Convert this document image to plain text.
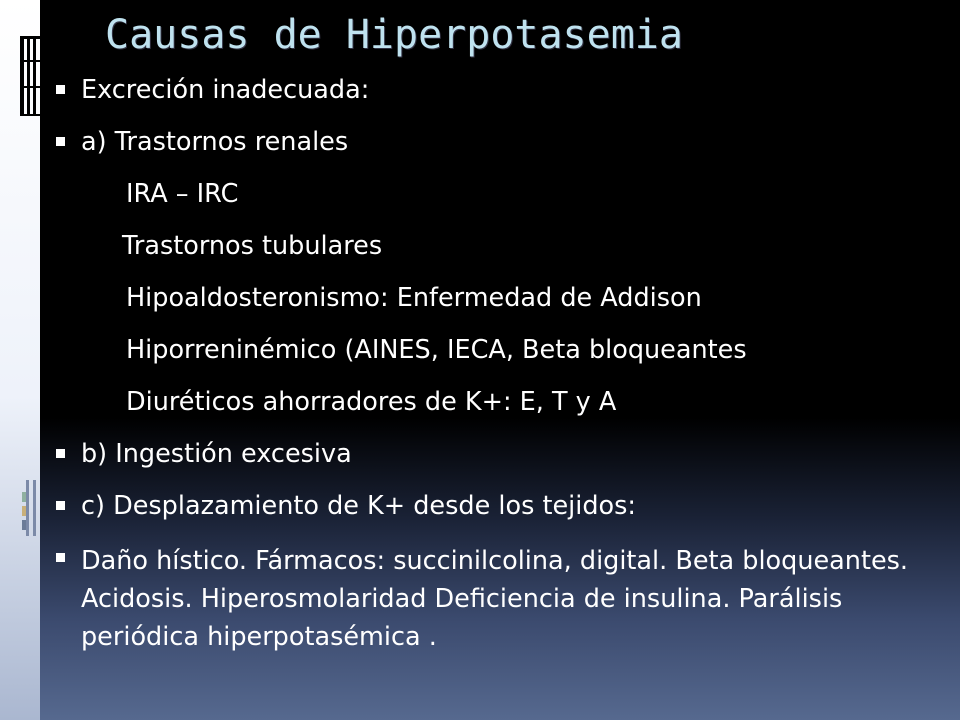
Causas de Hiperpotasemia
Excreción inadecuada:
a) Trastornos renales
IRA – IRC
Trastornos tubulares
Hipoaldosteronismo: Enfermedad de Addison
Hiporreninémico (AINES, IECA, Beta bloqueantes
Diuréticos ahorradores de K+: E, T y A
b) Ingestión excesiva
c) Desplazamiento de K+ desde los tejidos:
Daño hístico. Fármacos: succinilcolina, digital. Beta bloqueantes. Acidosis. Hiperosmolaridad Deficiencia de insulina. Parálisis periódica hiperpotasémica .
